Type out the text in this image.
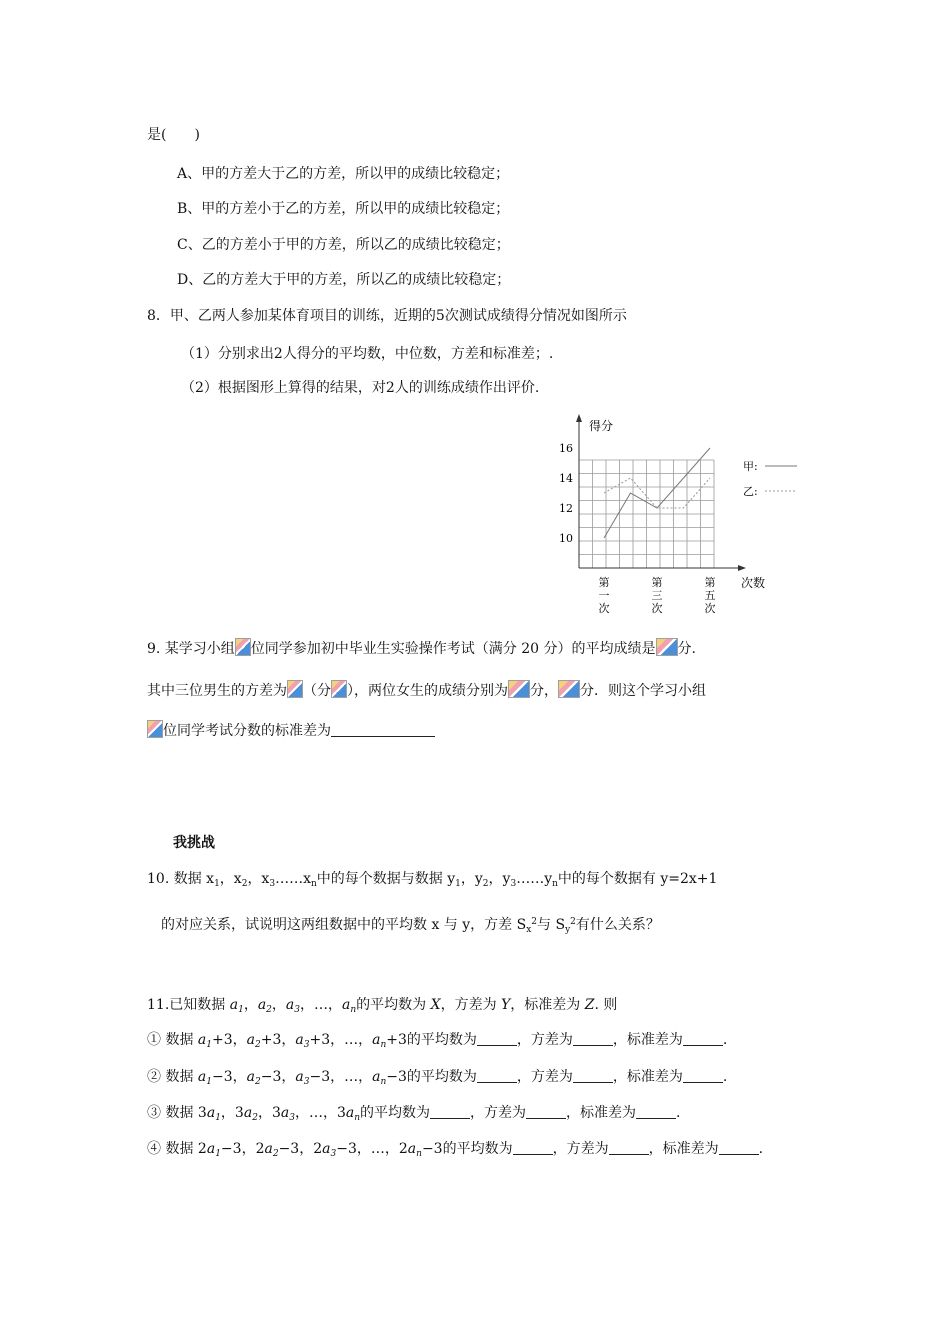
是(　　)
A、甲的方差大于乙的方差，所以甲的成绩比较稳定；
B、甲的方差小于乙的方差，所以甲的成绩比较稳定；
C、乙的方差小于甲的方差，所以乙的成绩比较稳定；
D、乙的方差大于甲的方差，所以乙的成绩比较稳定；
8．甲、乙两人参加某体育项目的训练，近期的5次测试成绩得分情况如图所示
（1）分别求出2人得分的平均数，中位数，方差和标准差；.
（2）根据图形上算得的结果，对2人的训练成绩作出评价.
得分
次数
10
12
14
16
第
一
次
第
三
次
第
五
次
甲:
乙:
9. 某学习小组 位同学参加初中毕业生实验操作考试（满分 20 分）的平均成绩是 分.
其中三位男生的方差为 （分 ），两位女生的成绩分别为 分， 分．则这个学习小组
位同学考试分数的标准差为
我挑战
10. 数据 $x_1$，$x_2$，$x_3\dots\dots x_n$中的每个数据与数据 $y_1$，$y_2$，$y_3\dots\dots y_n$中的每个数据有 y=2x+1
的对应关系，试说明这两组数据中的平均数 x 与 y，方差 $S_x^2$与 $S_y^2$有什么关系？
11.已知数据 $a_1$，$a_2$，$a_3$，…，$a_n$的平均数为 X，方差为 Y，标准差为 Z. 则
① 数据 $a_1+3$，$a_2+3$，$a_3+3$，…，$a_n+3$的平均数为	，方差为	，标准差为	.
② 数据 $a_1-3$，$a_2-3$，$a_3-3$，…，$a_n-3$的平均数为	，方差为	，标准差为	.
③ 数据 $3a_1$，$3a_2$，$3a_3$，…，$3a_n$的平均数为	，方差为	，标准差为	.
④ 数据 $2a_1-3$，$2a_2-3$，$2a_3-3$，…，$2a_n-3$的平均数为	，方差为	，标准差为	.
